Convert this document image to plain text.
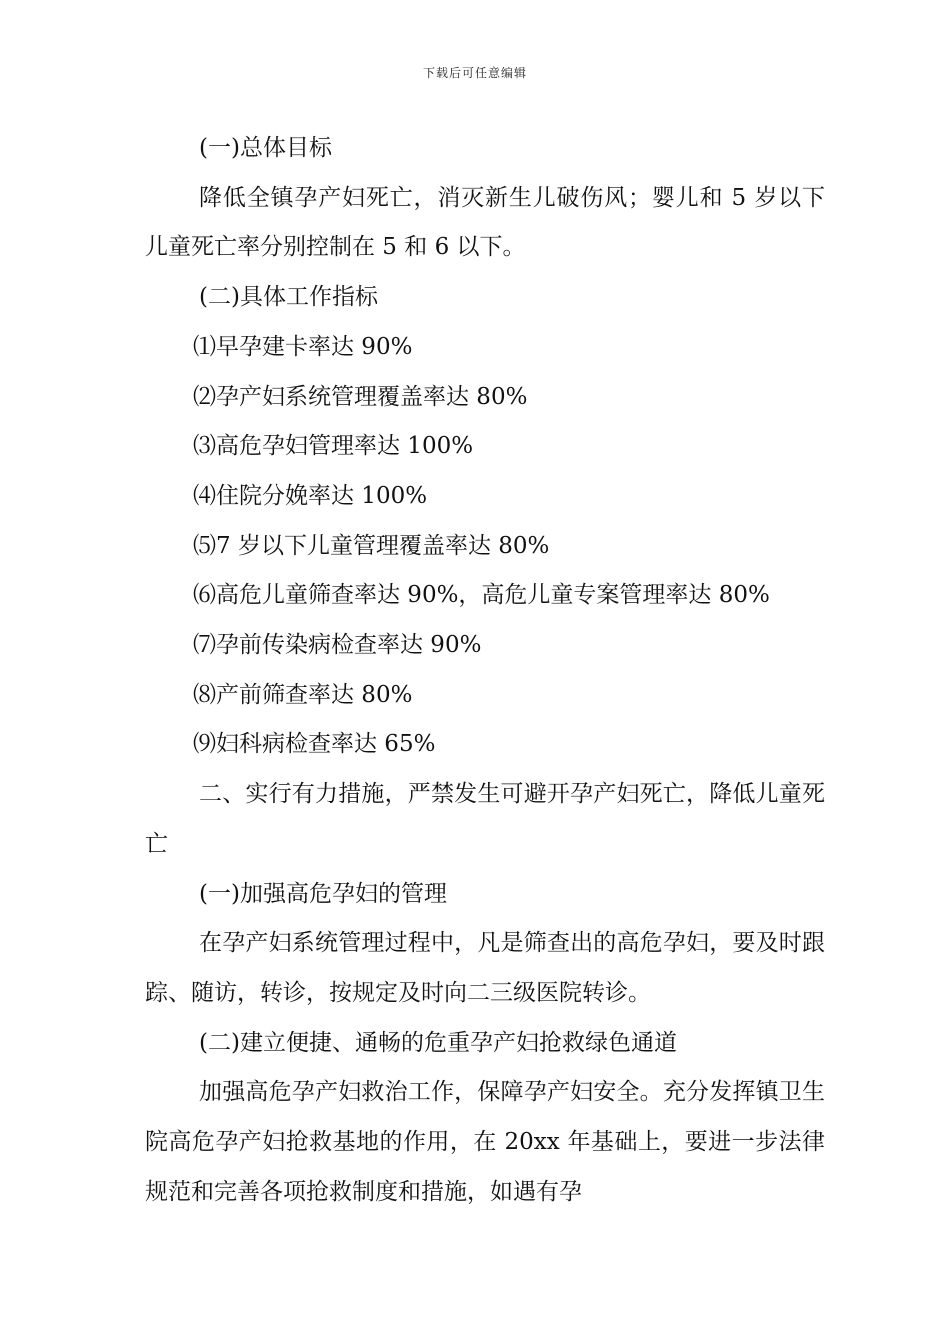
下载后可任意编辑

(一)总体目标

降低全镇孕产妇死亡，消灭新生儿破伤风；婴儿和 5 岁以下儿童死亡率分别控制在 5 和 6 以下。

(二)具体工作指标

⑴早孕建卡率达 90%

⑵孕产妇系统管理覆盖率达 80%

⑶高危孕妇管理率达 100%

⑷住院分娩率达 100%

⑸7 岁以下儿童管理覆盖率达 80%

⑹高危儿童筛查率达 90%，高危儿童专案管理率达 80%

⑺孕前传染病检查率达 90%

⑻产前筛查率达 80%

⑼妇科病检查率达 65%

二、实行有力措施，严禁发生可避开孕产妇死亡，降低儿童死亡

(一)加强高危孕妇的管理

在孕产妇系统管理过程中，凡是筛查出的高危孕妇，要及时跟踪、随访，转诊，按规定及时向二三级医院转诊。

(二)建立便捷、通畅的危重孕产妇抢救绿色通道

加强高危孕产妇救治工作，保障孕产妇安全。充分发挥镇卫生院高危孕产妇抢救基地的作用，在 20xx 年基础上，要进一步法律规范和完善各项抢救制度和措施，如遇有孕
